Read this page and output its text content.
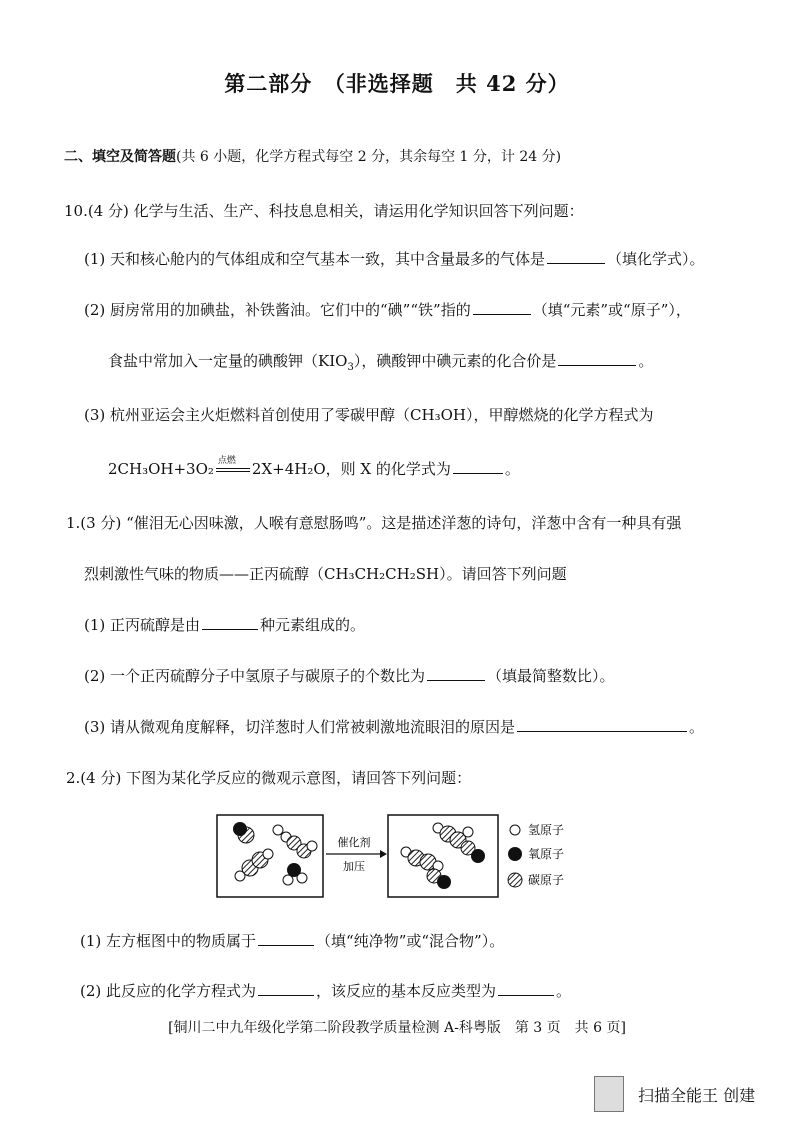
第二部分　（非选择题　共 42 分）
二、填空及简答题(共 6 小题，化学方程式每空 2 分，其余每空 1 分，计 24 分)
10.(4 分) 化学与生活、生产、科技息息相关，请运用化学知识回答下列问题：
(1) 天和核心舱内的气体组成和空气基本一致，其中含量最多的气体是	（填化学式）。
(2) 厨房常用的加碘盐，补铁酱油。它们中的“碘”“铁”指的	（填“元素”或“原子”），
食盐中常加入一定量的碘酸钾$(KIO_3)$，碘酸钾中碘元素的化合价是	。
(3) 杭州亚运会主火炬燃料首创使用了零碳甲醇（CH₃OH），甲醇燃烧的化学方程式为
2CH₃OH+3O₂ 点燃 2X+4H₂O，则 X 的化学式为	。
1.(3 分) “催泪无心因味激，人喉有意慰肠鸣”。这是描述洋葱的诗句，洋葱中含有一种具有强
烈刺激性气味的物质——正丙硫醇（CH₃CH₂CH₂SH）。请回答下列问题
(1) 正丙硫醇是由	种元素组成的。
(2) 一个正丙硫醇分子中氢原子与碳原子的个数比为	（填最简整数比）。
(3) 请从微观角度解释，切洋葱时人们常被刺激地流眼泪的原因是	。
2.(4 分) 下图为某化学反应的微观示意图，请回答下列问题：
催化剂
加压
氢原子
氧原子
碳原子
(1) 左方框图中的物质属于	（填“纯净物”或“混合物”）。
(2) 此反应的化学方程式为	，该反应的基本反应类型为	。
[铜川二中九年级化学第二阶段教学质量检测 A-科粤版　第 3 页　共 6 页]
扫描全能王 创建
